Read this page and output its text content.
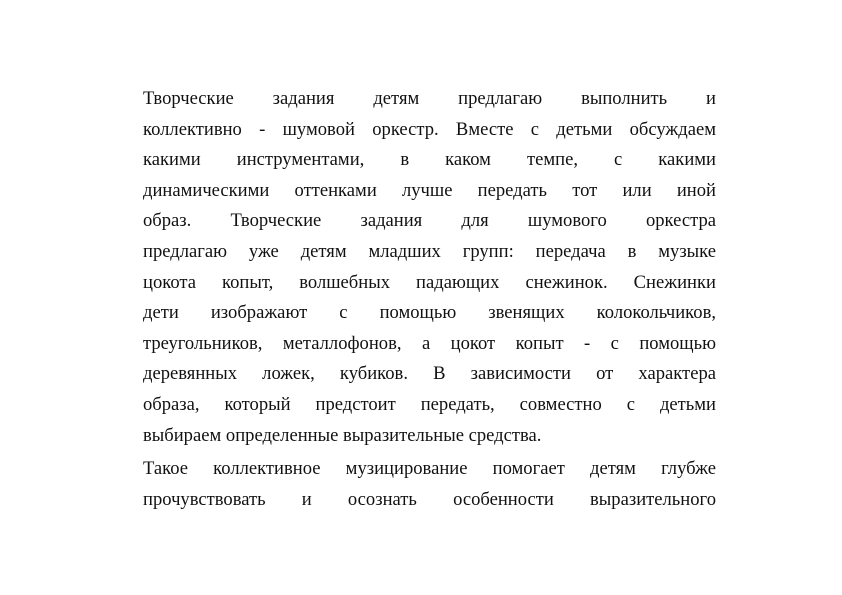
Творческие задания детям предлагаю выполнить и
коллективно - шумовой оркестр. Вместе с детьми обсуждаем
какими инструментами, в каком темпе, с какими
динамическими оттенками лучше передать тот или иной
образ. Творческие задания для шумового оркестра
предлагаю уже детям младших групп: передача в музыке
цокота копыт, волшебных падающих снежинок. Снежинки
дети изображают с помощью звенящих колокольчиков,
треугольников, металлофонов, а цокот копыт - с помощью
деревянных ложек, кубиков. В зависимости от характера
образа, который предстоит передать, совместно с детьми
выбираем определенные выразительные средства.
Такое коллективное музицирование помогает детям глубже
прочувствовать и осознать особенности выразительного
